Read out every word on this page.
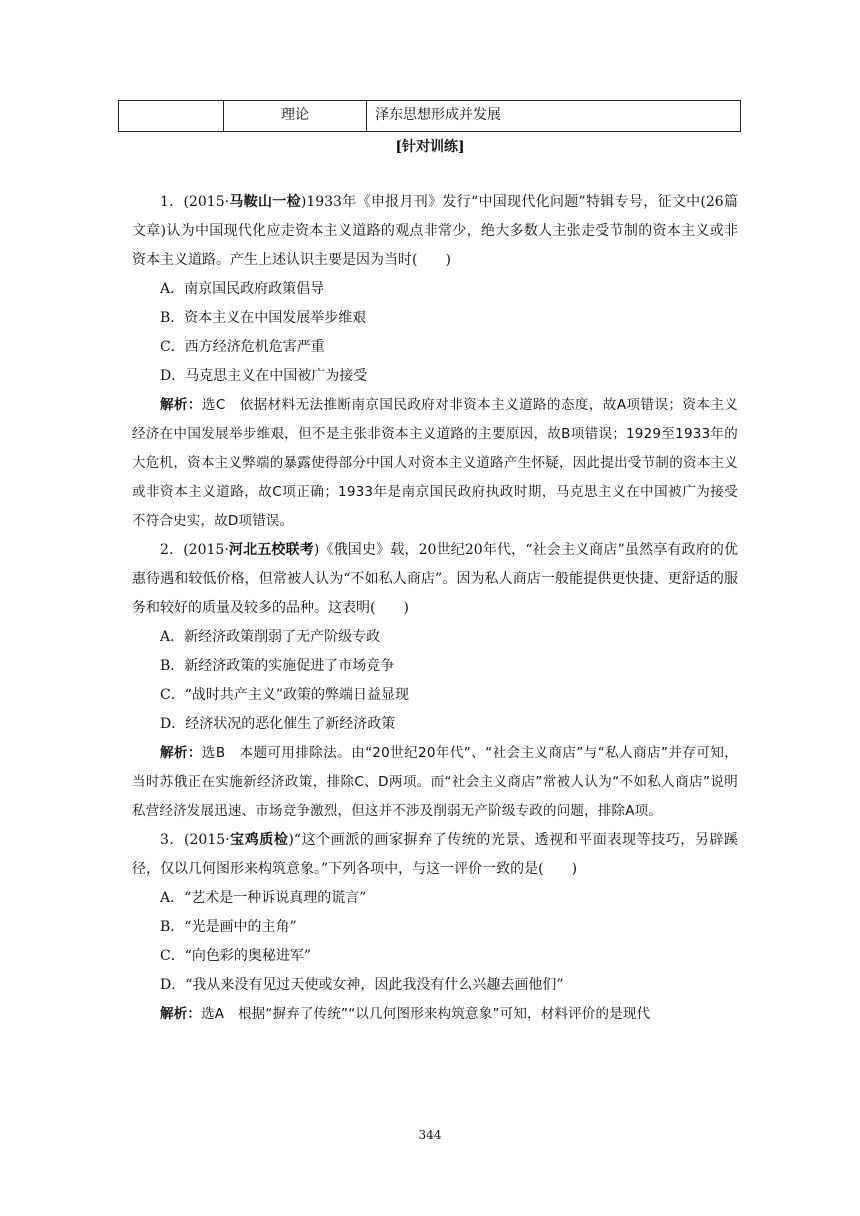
理论	泽东思想形成并发展
[针对训练]

1．(2015·马鞍山一检)1933年《申报月刊》发行“中国现代化问题”特辑专号，征文中(26篇文章)认为中国现代化应走资本主义道路的观点非常少，绝大多数人主张走受节制的资本主义或非资本主义道路。产生上述认识主要是因为当时(　　)

A．南京国民政府政策倡导

B．资本主义在中国发展举步维艰

C．西方经济危机危害严重

D．马克思主义在中国被广为接受

解析：选C　依据材料无法推断南京国民政府对非资本主义道路的态度，故A项错误；资本主义经济在中国发展举步维艰，但不是主张非资本主义道路的主要原因，故B项错误；1929至1933年的大危机，资本主义弊端的暴露使得部分中国人对资本主义道路产生怀疑，因此提出受节制的资本主义或非资本主义道路，故C项正确；1933年是南京国民政府执政时期，马克思主义在中国被广为接受不符合史实，故D项错误。

2．(2015·河北五校联考)《俄国史》载，20世纪20年代，“社会主义商店”虽然享有政府的优惠待遇和较低价格，但常被人认为“不如私人商店”。因为私人商店一般能提供更快捷、更舒适的服务和较好的质量及较多的品种。这表明(　　)

A．新经济政策削弱了无产阶级专政

B．新经济政策的实施促进了市场竞争

C．“战时共产主义”政策的弊端日益显现

D．经济状况的恶化催生了新经济政策

解析：选B　本题可用排除法。由“20世纪20年代”、“社会主义商店”与“私人商店”并存可知，当时苏俄正在实施新经济政策，排除C、D两项。而“社会主义商店”常被人认为“不如私人商店”说明私营经济发展迅速、市场竞争激烈，但这并不涉及削弱无产阶级专政的问题，排除A项。

3．(2015·宝鸡质检)“这个画派的画家摒弃了传统的光景、透视和平面表现等技巧，另辟蹊径，仅以几何图形来构筑意象。”下列各项中，与这一评价一致的是(　　)

A．“艺术是一种诉说真理的谎言”

B．“光是画中的主角”

C．“向色彩的奥秘进军”

D．“我从来没有见过天使或女神，因此我没有什么兴趣去画他们”

解析：选A　根据“摒弃了传统”“以几何图形来构筑意象”可知，材料评价的是现代

344
